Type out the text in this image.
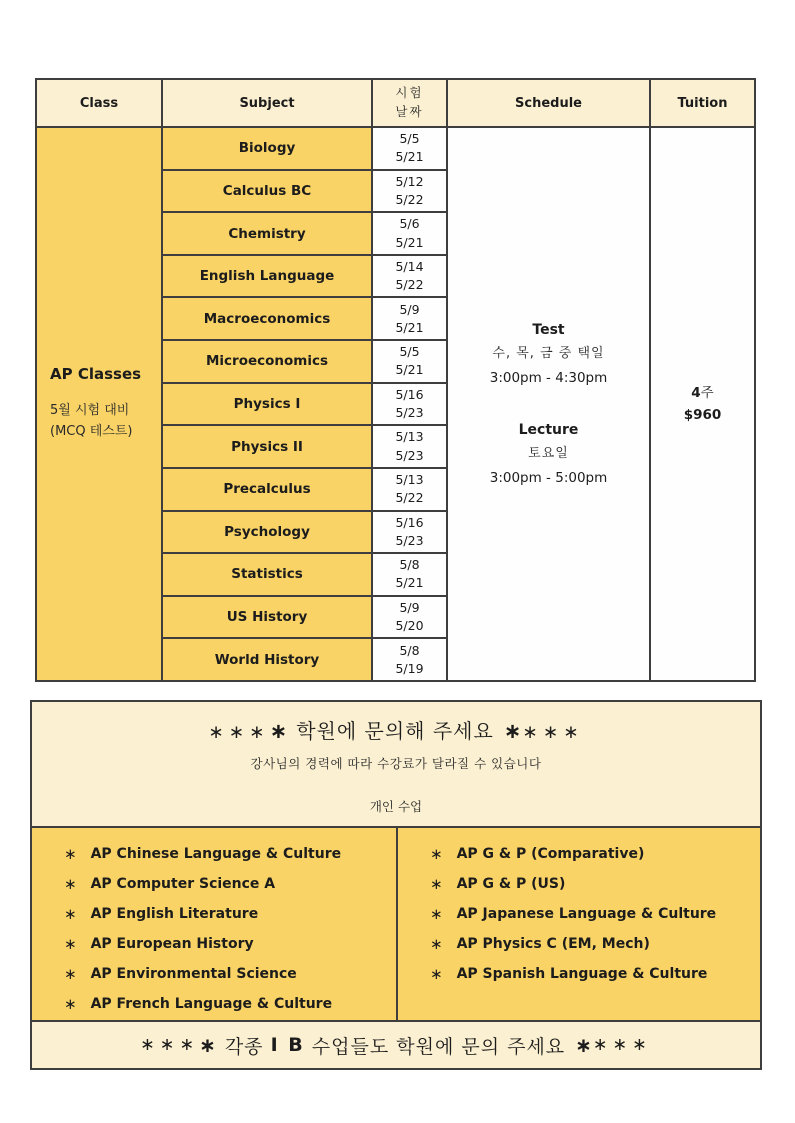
Class	Subject
시험
날짜
Schedule	Tuition
AP Classes
5월 시험 대비
(MCQ 테스트)
Test
수, 목, 금 중 택일
3:00pm - 4:30pm
Lecture
토요일
3:00pm - 5:00pm
4주
$960
Biology
5/5
5/21
Calculus BC
5/12
5/22
Chemistry
5/6
5/21
English Language
5/14
5/22
Macroeconomics
5/9
5/21
Microeconomics
5/5
5/21
Physics I
5/16
5/23
Physics II
5/13
5/23
Precalculus
5/13
5/22
Psychology
5/16
5/23
Statistics
5/8
5/21
US History
5/9
5/20
World History
5/8
5/19
∗∗∗∗ 학원에 문의해 주세요 ∗∗∗∗
강사님의 경력에 따라 수강료가 달라질 수 있습니다
개인 수업
∗ AP Chinese Language & Culture
∗ AP Computer Science A
∗ AP English Literature
∗ AP European History
∗ AP Environmental Science
∗ AP French Language & Culture
∗ AP G & P (Comparative)
∗ AP G & P (US)
∗ AP Japanese Language & Culture
∗ AP Physics C (EM, Mech)
∗ AP Spanish Language & Culture
∗∗∗ ∗ 각종
I B
수업들도 학원에 문의 주세요 ∗ ∗∗∗
